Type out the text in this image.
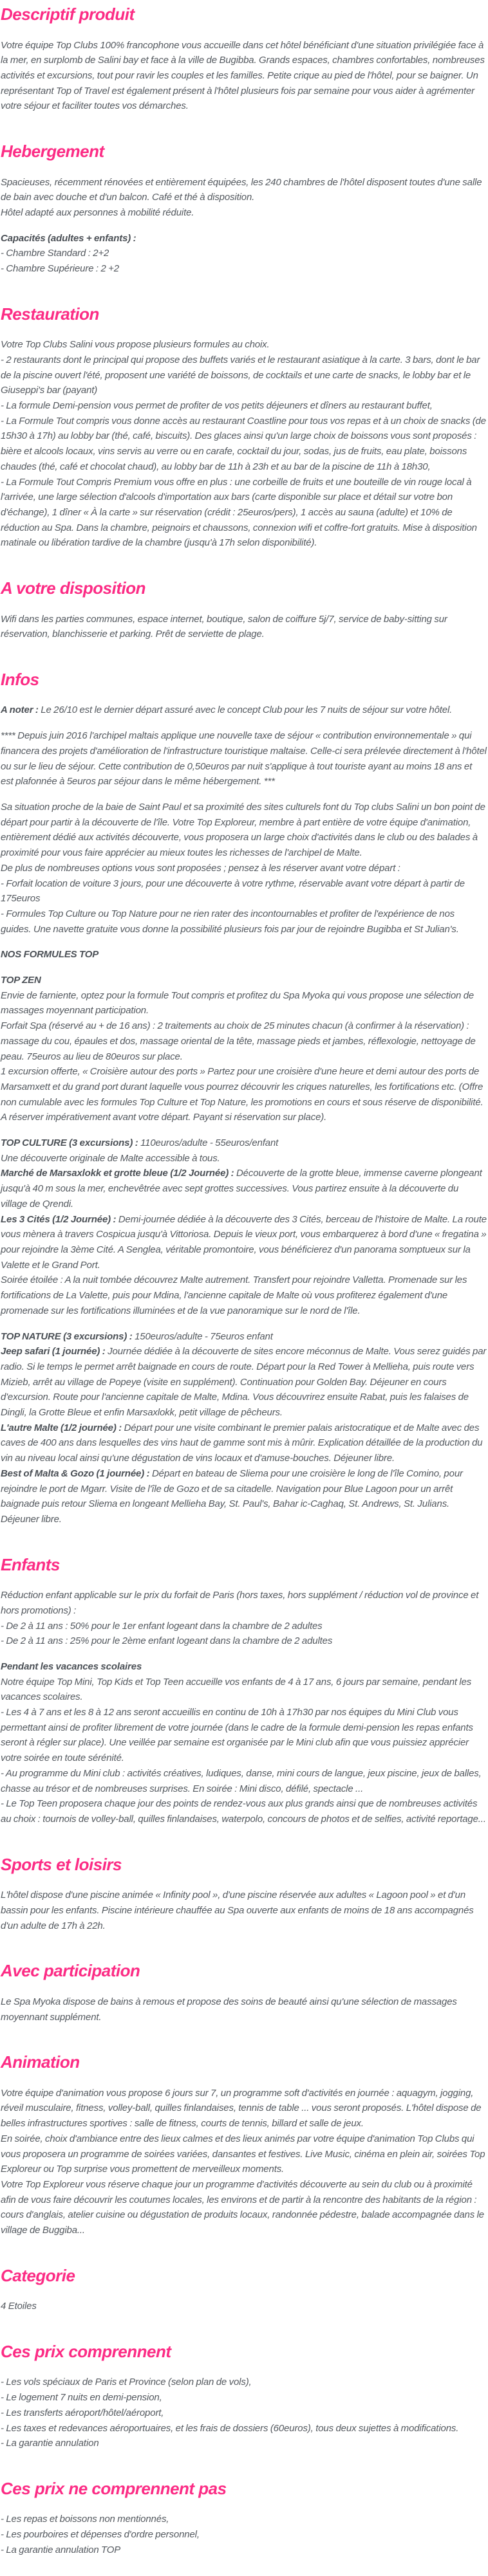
Descriptif produit

Votre équipe Top Clubs 100% francophone vous accueille dans cet hôtel bénéficiant d'une situation privilégiée face à la mer, en surplomb de Salini bay et face à la ville de Bugibba. Grands espaces, chambres confortables, nombreuses activités et excursions, tout pour ravir les couples et les familles. Petite crique au pied de l'hôtel, pour se baigner. Un représentant Top of Travel est également présent à l'hôtel plusieurs fois par semaine pour vous aider à agrémenter votre séjour et faciliter toutes vos démarches.

Hebergement

Spacieuses, récemment rénovées et entièrement équipées, les 240 chambres de l'hôtel disposent toutes d'une salle de bain avec douche et d'un balcon. Café et thé à disposition.
Hôtel adapté aux personnes à mobilité réduite.

Capacités (adultes + enfants) :
- Chambre Standard : 2+2
- Chambre Supérieure : 2 +2

Restauration

Votre Top Clubs Salini vous propose plusieurs formules au choix.
- 2 restaurants dont le principal qui propose des buffets variés et le restaurant asiatique à la carte. 3 bars, dont le bar de la piscine ouvert l'été, proposent une variété de boissons, de cocktails et une carte de snacks, le lobby bar et le Giuseppi's bar (payant)
- La formule Demi-pension vous permet de profiter de vos petits déjeuners et dîners au restaurant buffet,
- La Formule Tout compris vous donne accès au restaurant Coastline pour tous vos repas et à un choix de snacks (de 15h30 à 17h) au lobby bar (thé, café, biscuits). Des glaces ainsi qu'un large choix de boissons vous sont proposés : bière et alcools locaux, vins servis au verre ou en carafe, cocktail du jour, sodas, jus de fruits, eau plate, boissons chaudes (thé, café et chocolat chaud), au lobby bar de 11h à 23h et au bar de la piscine de 11h à 18h30,
- La Formule Tout Compris Premium vous offre en plus : une corbeille de fruits et une bouteille de vin rouge local à l'arrivée, une large sélection d'alcools d'importation aux bars (carte disponible sur place et détail sur votre bon d'échange), 1 dîner « À la carte » sur réservation (crédit : 25euros/pers), 1 accès au sauna (adulte) et 10% de réduction au Spa. Dans la chambre, peignoirs et chaussons, connexion wifi et coffre-fort gratuits. Mise à disposition matinale ou libération tardive de la chambre (jusqu'à 17h selon disponibilité).

A votre disposition

Wifi dans les parties communes, espace internet, boutique, salon de coiffure 5j/7, service de baby-sitting sur réservation, blanchisserie et parking. Prêt de serviette de plage.

Infos

A noter : Le 26/10 est le dernier départ assuré avec le concept Club pour les 7 nuits de séjour sur votre hôtel.

**** Depuis juin 2016 l'archipel maltais applique une nouvelle taxe de séjour « contribution environnementale » qui financera des projets d'amélioration de l'infrastructure touristique maltaise. Celle-ci sera prélevée directement à l'hôtel ou sur le lieu de séjour. Cette contribution de 0,50euros par nuit s'applique à tout touriste ayant au moins 18 ans et est plafonnée à 5euros par séjour dans le même hébergement. ***

Sa situation proche de la baie de Saint Paul et sa proximité des sites culturels font du Top clubs Salini un bon point de départ pour partir à la découverte de l'île. Votre Top Exploreur, membre à part entière de votre équipe d'animation, entièrement dédié aux activités découverte, vous proposera un large choix d'activités dans le club ou des balades à proximité pour vous faire apprécier au mieux toutes les richesses de l'archipel de Malte.
De plus de nombreuses options vous sont proposées ; pensez à les réserver avant votre départ :
- Forfait location de voiture 3 jours, pour une découverte à votre rythme, réservable avant votre départ à partir de 175euros
- Formules Top Culture ou Top Nature pour ne rien rater des incontournables et profiter de l'expérience de nos guides. Une navette gratuite vous donne la possibilité plusieurs fois par jour de rejoindre Bugibba et St Julian's.

NOS FORMULES TOP

TOP ZEN
Envie de farniente, optez pour la formule Tout compris et profitez du Spa Myoka qui vous propose une sélection de massages moyennant participation.
Forfait Spa (réservé au + de 16 ans) : 2 traitements au choix de 25 minutes chacun (à confirmer à la réservation) : massage du cou, épaules et dos, massage oriental de la tête, massage pieds et jambes, réflexologie, nettoyage de peau. 75euros au lieu de 80euros sur place.
1 excursion offerte, « Croisière autour des ports » Partez pour une croisière d'une heure et demi autour des ports de Marsamxett et du grand port durant laquelle vous pourrez découvrir les criques naturelles, les fortifications etc. (Offre non cumulable avec les formules Top Culture et Top Nature, les promotions en cours et sous réserve de disponibilité. A réserver impérativement avant votre départ. Payant si réservation sur place).

TOP CULTURE (3 excursions) : 110euros/adulte - 55euros/enfant
Une découverte originale de Malte accessible à tous.
Marché de Marsaxlokk et grotte bleue (1/2 Journée) : Découverte de la grotte bleue, immense caverne plongeant jusqu'à 40 m sous la mer, enchevêtrée avec sept grottes successives. Vous partirez ensuite à la découverte du village de Qrendi.
Les 3 Cités (1/2 Journée) : Demi-journée dédiée à la découverte des 3 Cités, berceau de l'histoire de Malte. La route vous mènera à travers Cospicua jusqu'à Vittoriosa. Depuis le vieux port, vous embarquerez à bord d'une « fregatina » pour rejoindre la 3ème Cité. A Senglea, véritable promontoire, vous bénéficierez d'un panorama somptueux sur la Valette et le Grand Port.
Soirée étoilée : A la nuit tombée découvrez Malte autrement. Transfert pour rejoindre Valletta. Promenade sur les fortifications de La Valette, puis pour Mdina, l'ancienne capitale de Malte où vous profiterez également d'une promenade sur les fortifications illuminées et de la vue panoramique sur le nord de l'île.

TOP NATURE (3 excursions) : 150euros/adulte - 75euros enfant
Jeep safari (1 journée) : Journée dédiée à la découverte de sites encore méconnus de Malte. Vous serez guidés par radio. Si le temps le permet arrêt baignade en cours de route. Départ pour la Red Tower à Mellieha, puis route vers Mizieb, arrêt au village de Popeye (visite en supplément). Continuation pour Golden Bay. Déjeuner en cours d'excursion. Route pour l'ancienne capitale de Malte, Mdina. Vous découvrirez ensuite Rabat, puis les falaises de Dingli, la Grotte Bleue et enfin Marsaxlokk, petit village de pêcheurs.
L'autre Malte (1/2 journée) : Départ pour une visite combinant le premier palais aristocratique et de Malte avec des caves de 400 ans dans lesquelles des vins haut de gamme sont mis à mûrir. Explication détaillée de la production du vin au niveau local ainsi qu'une dégustation de vins locaux et d'amuse-bouches. Déjeuner libre.
Best of Malta & Gozo (1 journée) : Départ en bateau de Sliema pour une croisière le long de l'île Comino, pour rejoindre le port de Mgarr. Visite de l'île de Gozo et de sa citadelle. Navigation pour Blue Lagoon pour un arrêt baignade puis retour Sliema en longeant Mellieha Bay, St. Paul's, Bahar ic-Caghaq, St. Andrews, St. Julians. Déjeuner libre.

Enfants

Réduction enfant applicable sur le prix du forfait de Paris (hors taxes, hors supplément / réduction vol de province et hors promotions) :
- De 2 à 11 ans : 50% pour le 1er enfant logeant dans la chambre de 2 adultes
- De 2 à 11 ans : 25% pour le 2ème enfant logeant dans la chambre de 2 adultes

Pendant les vacances scolaires
Notre équipe Top Mini, Top Kids et Top Teen accueille vos enfants de 4 à 17 ans, 6 jours par semaine, pendant les vacances scolaires.
- Les 4 à 7 ans et les 8 à 12 ans seront accueillis en continu de 10h à 17h30 par nos équipes du Mini Club vous permettant ainsi de profiter librement de votre journée (dans le cadre de la formule demi-pension les repas enfants seront à régler sur place). Une veillée par semaine est organisée par le Mini club afin que vous puissiez apprécier votre soirée en toute sérénité.
- Au programme du Mini club : activités créatives, ludiques, danse, mini cours de langue, jeux piscine, jeux de balles, chasse au trésor et de nombreuses surprises. En soirée : Mini disco, défilé, spectacle ...
- Le Top Teen proposera chaque jour des points de rendez-vous aux plus grands ainsi que de nombreuses activités au choix : tournois de volley-ball, quilles finlandaises, waterpolo, concours de photos et de selfies, activité reportage...

Sports et loisirs

L'hôtel dispose d'une piscine animée « Infinity pool », d'une piscine réservée aux adultes « Lagoon pool » et d'un bassin pour les enfants. Piscine intérieure chauffée au Spa ouverte aux enfants de moins de 18 ans accompagnés d'un adulte de 17h à 22h.

Avec participation

Le Spa Myoka dispose de bains à remous et propose des soins de beauté ainsi qu'une sélection de massages moyennant supplément.

Animation

Votre équipe d'animation vous propose 6 jours sur 7, un programme soft d'activités en journée : aquagym, jogging, réveil musculaire, fitness, volley-ball, quilles finlandaises, tennis de table ... vous seront proposés. L'hôtel dispose de belles infrastructures sportives : salle de fitness, courts de tennis, billard et salle de jeux.
En soirée, choix d'ambiance entre des lieux calmes et des lieux animés par votre équipe d'animation Top Clubs qui vous proposera un programme de soirées variées, dansantes et festives. Live Music, cinéma en plein air, soirées Top Exploreur ou Top surprise vous promettent de merveilleux moments.
Votre Top Exploreur vous réserve chaque jour un programme d'activités découverte au sein du club ou à proximité afin de vous faire découvrir les coutumes locales, les environs et de partir à la rencontre des habitants de la région : cours d'anglais, atelier cuisine ou dégustation de produits locaux, randonnée pédestre, balade accompagnée dans le village de Buggiba...

Categorie

4 Etoiles

Ces prix comprennent

- Les vols spéciaux de Paris et Province (selon plan de vols),
- Le logement 7 nuits en demi-pension,
- Les transferts aéroport/hôtel/aéroport,
- Les taxes et redevances aéroportuaires, et les frais de dossiers (60euros), tous deux sujettes à modifications.
- La garantie annulation

Ces prix ne comprennent pas

- Les repas et boissons non mentionnés,
- Les pourboires et dépenses d'ordre personnel,
- La garantie annulation TOP
